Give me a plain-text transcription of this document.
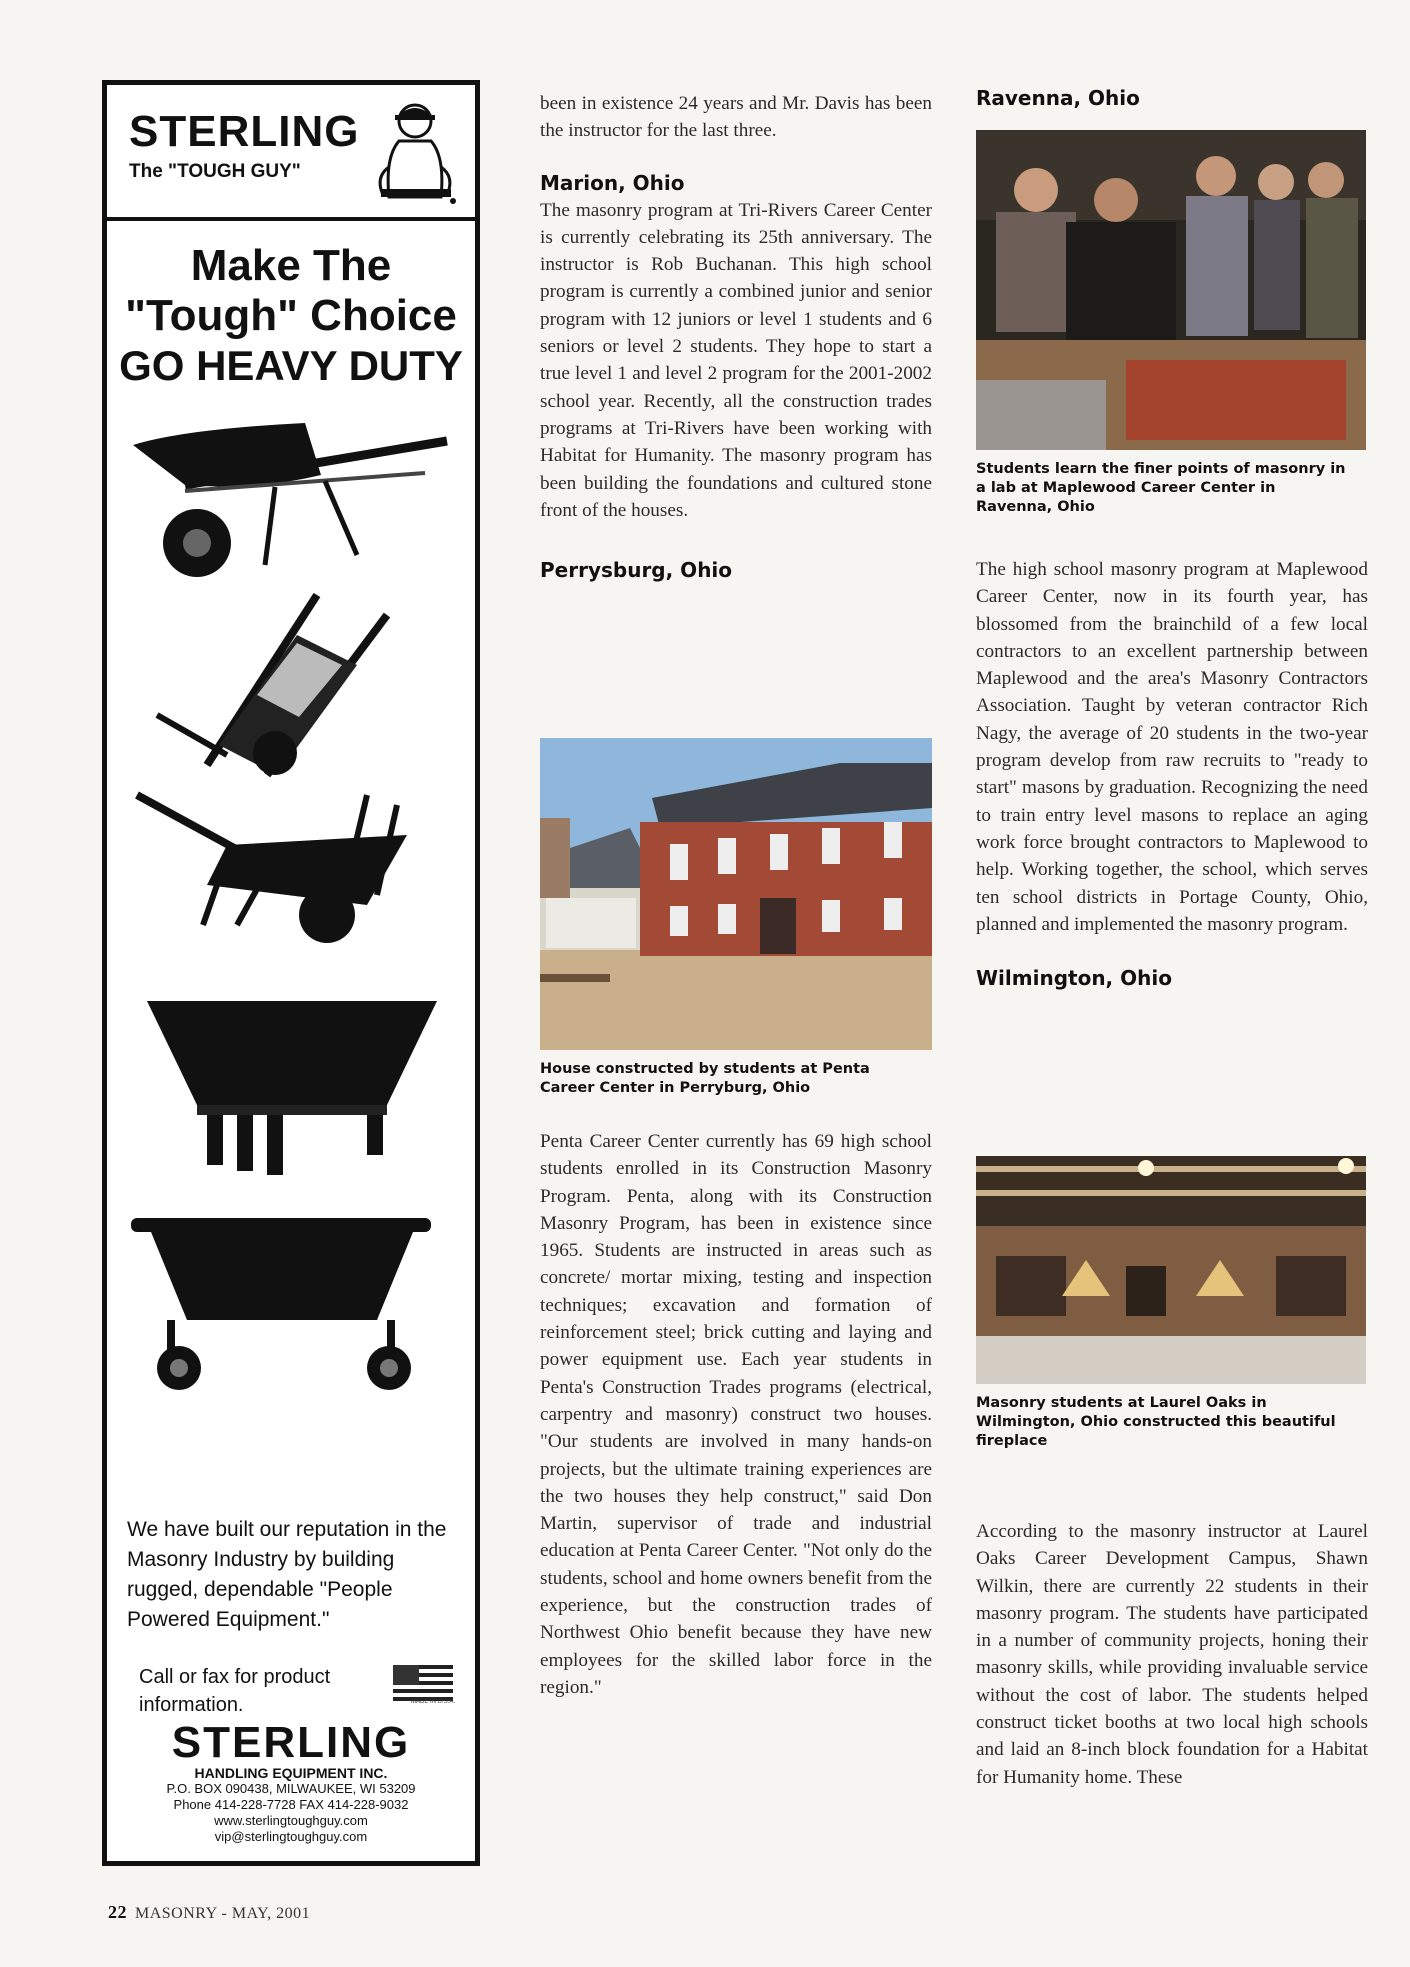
STERLING
The "TOUGH GUY"
Make The
"Tough" Choice
GO HEAVY DUTY
We have built our reputation in the Masonry Industry by building rugged, dependable "People Powered Equipment."
Call or fax for product information.	MADE IN U.S.A.
STERLING
HANDLING EQUIPMENT INC.
P.O. BOX 090438, MILWAUKEE, WI 53209
Phone 414-228-7728 FAX 414-228-9032
www.sterlingtoughguy.com
vip@sterlingtoughguy.com

been in existence 24 years and Mr. Davis has been the instructor for the last three.

Marion, Ohio

The masonry program at Tri-Rivers Career Center is currently celebrating its 25th anniversary. The instructor is Rob Buchanan. This high school program is currently a combined junior and senior program with 12 juniors or level 1 students and 6 seniors or level 2 students. They hope to start a true level 1 and level 2 program for the 2001-2002 school year. Recently, all the construction trades programs at Tri-Rivers have been working with Habitat for Humanity. The masonry program has been building the foundations and cultured stone front of the houses.

Perrysburg, Ohio
House constructed by students at Penta Career Center in Perryburg, Ohio

Penta Career Center currently has 69 high school students enrolled in its Construction Masonry Program. Penta, along with its Construction Masonry Program, has been in existence since 1965. Students are instructed in areas such as concrete/ mortar mixing, testing and inspection techniques; excavation and formation of reinforcement steel; brick cutting and laying and power equipment use. Each year students in Penta's Construction Trades programs (electrical, carpentry and masonry) construct two houses. "Our students are involved in many hands-on projects, but the ultimate training experiences are the two houses they help construct," said Don Martin, supervisor of trade and industrial education at Penta Career Center. "Not only do the students, school and home owners benefit from the experience, but the construction trades of Northwest Ohio benefit because they have new employees for the skilled labor force in the region."

Ravenna, Ohio
Students learn the finer points of masonry in a lab at Maplewood Career Center in Ravenna, Ohio

The high school masonry program at Maplewood Career Center, now in its fourth year, has blossomed from the brainchild of a few local contractors to an excellent partnership between Maplewood and the area's Masonry Contractors Association. Taught by veteran contractor Rich Nagy, the average of 20 students in the two-year program develop from raw recruits to "ready to start" masons by graduation. Recognizing the need to train entry level masons to replace an aging work force brought contractors to Maplewood to help. Working together, the school, which serves ten school districts in Portage County, Ohio, planned and implemented the masonry program.

Wilmington, Ohio
Masonry students at Laurel Oaks in Wilmington, Ohio constructed this beautiful fireplace

According to the masonry instructor at Laurel Oaks Career Development Campus, Shawn Wilkin, there are currently 22 students in their masonry program. The students have participated in a number of community projects, honing their masonry skills, while providing invaluable service without the cost of labor. The students helped construct ticket booths at two local high schools and laid an 8-inch block foundation for a Habitat for Humanity home. These

22 MASONRY - MAY, 2001
